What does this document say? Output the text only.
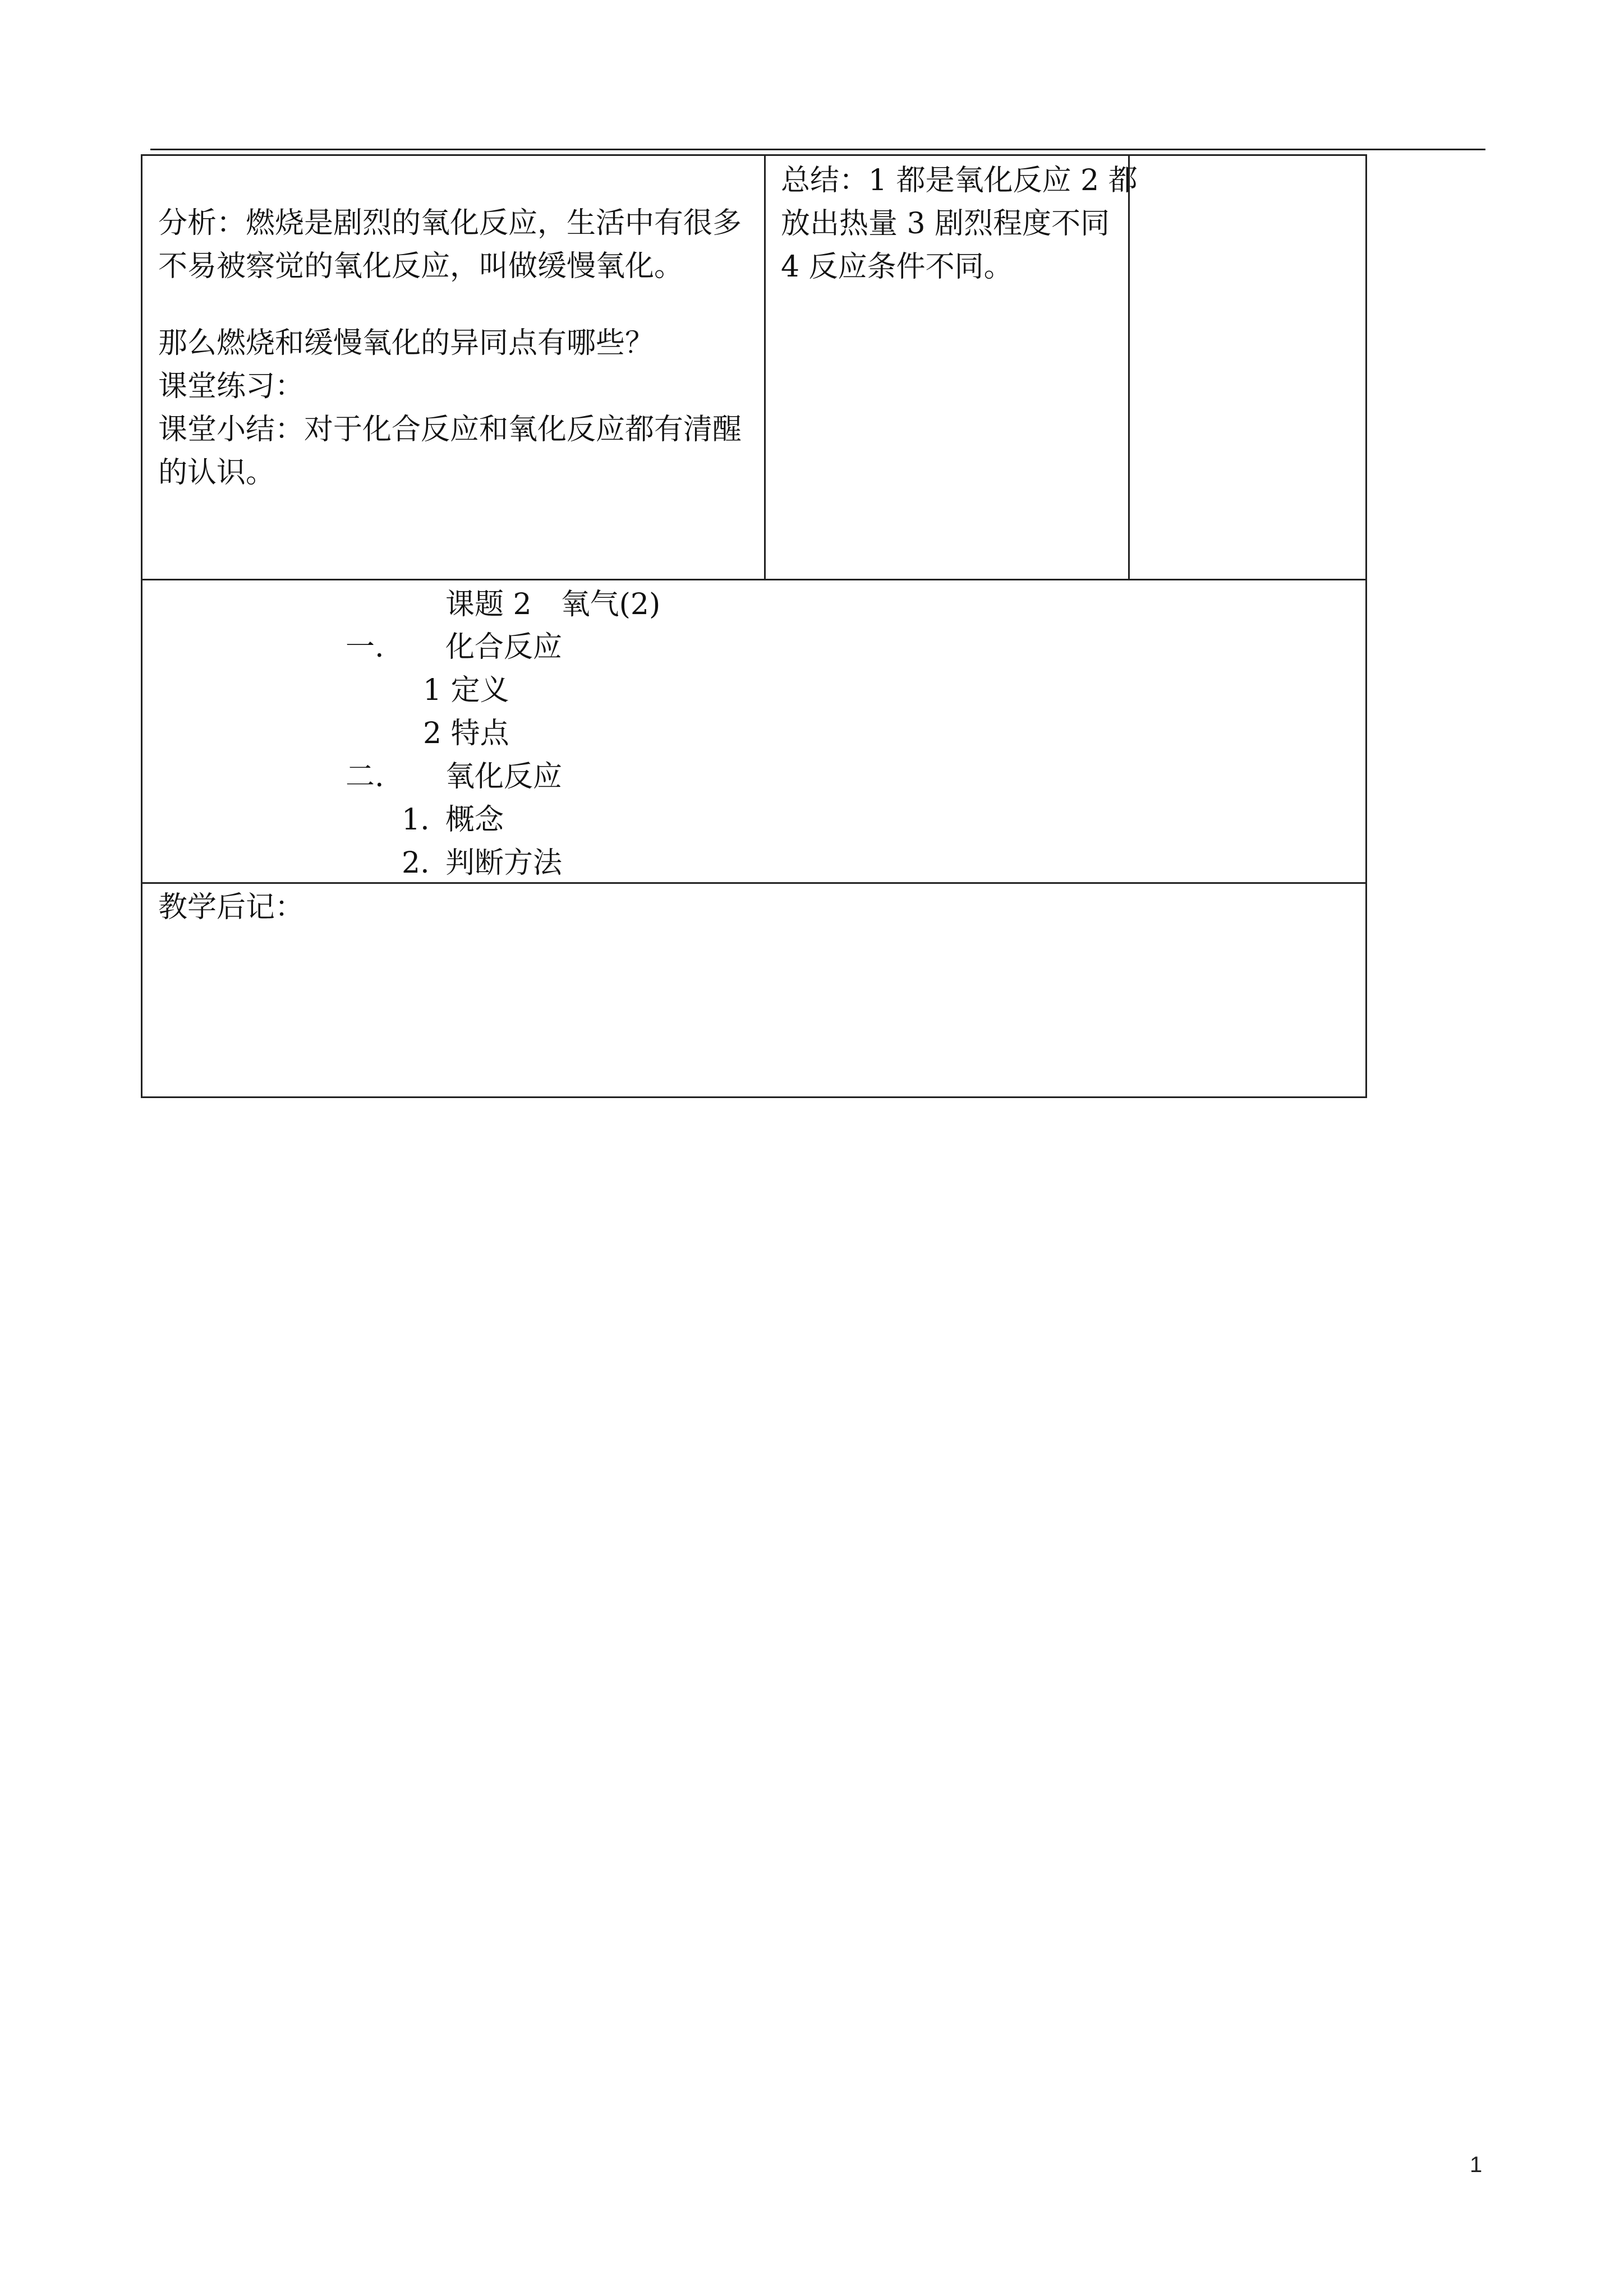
分析：燃烧是剧烈的氧化反应，生活中有很多
不易被察觉的氧化反应，叫做缓慢氧化。
那么燃烧和缓慢氧化的异同点有哪些？
课堂练习：
课堂小结：对于化合反应和氧化反应都有清醒
的认识。
总结：1 都是氧化反应 2 都
放出热量 3 剧烈程度不同
4 反应条件不同。
课题 2　氧气(2)
一. 化合反应
1 定义
2 特点
二. 氧化反应
1. 概念
2. 判断方法
教学后记：
1
